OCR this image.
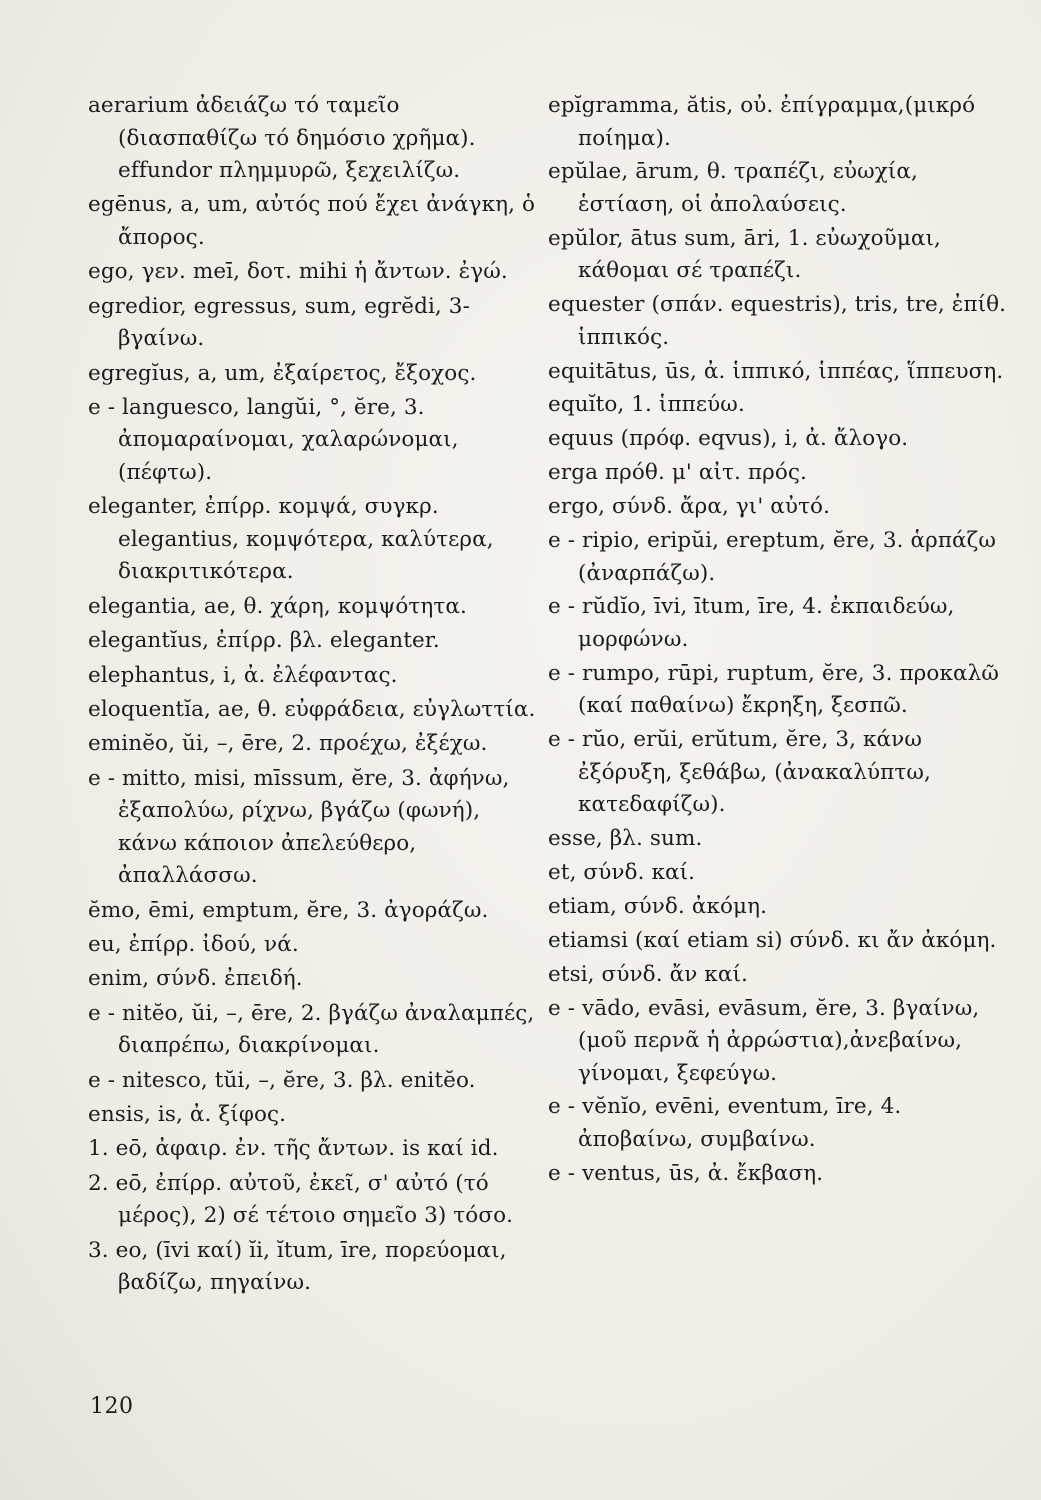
aerarium ἀδειάζω τό ταμεῖο (διασπαθίζω τό δημόσιο χρῆμα). effundor πλημμυρῶ, ξεχειλίζω.

egēnus, a, um, αὐτός πού ἔχει ἀνάγκη, ὁ ἄπορος.

ego, γεν. meī, δοτ. mihi ἡ ἄντων. ἐγώ.

egredior, egressus, sum, egrĕdi, 3- βγαίνω.

egregĭus, a, um, ἐξαίρετος, ἔξοχος.

e - languesco, langŭi, °, ĕre, 3. ἀπομαραίνομαι, χαλαρώνομαι, (πέφτω).

eleganter, ἐπίρρ. κομψά, συγκρ. elegantius, κομψότερα, καλύτερα, διακριτικότερα.

elegantia, ae, θ. χάρη, κομψότητα.

elegantĭus, ἐπίρρ. βλ. eleganter.

elephantus, i, ἀ. ἐλέφαντας.

eloquentĭa, ae, θ. εὐφράδεια, εὐγλωττία.

eminĕo, ŭi, –, ēre, 2. προέχω, ἐξέχω.

e - mitto, misi, mīssum, ĕre, 3. ἀφήνω, ἐξαπολύω, ρίχνω, βγάζω (φωνή), κάνω κάποιον ἀπελεύθερο, ἀπαλλάσσω.

ĕmo, ēmi, emptum, ĕre, 3. ἀγοράζω.

eu, ἐπίρρ. ἰδού, νά.

enim, σύνδ. ἐπειδή.

e - nitĕo, ŭi, –, ēre, 2. βγάζω ἀναλαμπές, διαπρέπω, διακρίνομαι.

e - nitesco, tŭi, –, ĕre, 3. βλ. enitĕo.

ensis, is, ἀ. ξίφος.

1. eō, ἀφαιρ. ἐν. τῆς ἄντων. is καί id.

2. eō, ἐπίρρ. αὐτοῦ, ἐκεῖ, σ' αὐτό (τό μέρος), 2) σέ τέτοιο σημεῖο 3) τόσο.

3. eo, (īvi καί) ĭi, ĭtum, īre, πορεύομαι, βαδίζω, πηγαίνω.

epĭgramma, ătis, οὐ. ἐπίγραμμα,(μικρό ποίημα).

epŭlae, ārum, θ. τραπέζι, εὐωχία, ἑστίαση, οἱ ἀπολαύσεις.

epŭlor, ātus sum, āri, 1. εὐωχοῦμαι, κάθομαι σέ τραπέζι.

equester (σπάν. equestris), tris, tre, ἐπίθ. ἱππικός.

equitātus, ūs, ἀ. ἱππικό, ἱππέας, ἵππευση.

equĭto, 1. ἱππεύω.

equus (πρόφ. eqvus), i, ἀ. ἄλογο.

erga πρόθ. μ' αἰτ. πρός.

ergo, σύνδ. ἄρα, γι' αὐτό.

e - ripio, eripŭi, ereptum, ĕre, 3. ἁρπάζω (ἀναρπάζω).

e - rŭdĭo, īvi, ītum, īre, 4. ἐκπαιδεύω, μορφώνω.

e - rumpo, rūpi, ruptum, ĕre, 3. προκαλῶ (καί παθαίνω) ἔκρηξη, ξεσπῶ.

e - rŭo, erŭi, erŭtum, ĕre, 3, κάνω ἐξόρυξη, ξεθάβω, (ἀνακαλύπτω, κατεδαφίζω).

esse, βλ. sum.

et, σύνδ. καί.

etiam, σύνδ. ἀκόμη.

etiamsi (καί etiam si) σύνδ. κι ἄν ἀκόμη.

etsi, σύνδ. ἄν καί.

e - vādo, evāsi, evāsum, ĕre, 3. βγαίνω, (μοῦ περνᾶ ἡ ἀρρώστια),ἀνεβαίνω, γίνομαι, ξεφεύγω.

e - vĕnĭo, evēni, eventum, īre, 4. ἀποβαίνω, συμβαίνω.

e - ventus, ūs, ἀ. ἔκβαση.

120
